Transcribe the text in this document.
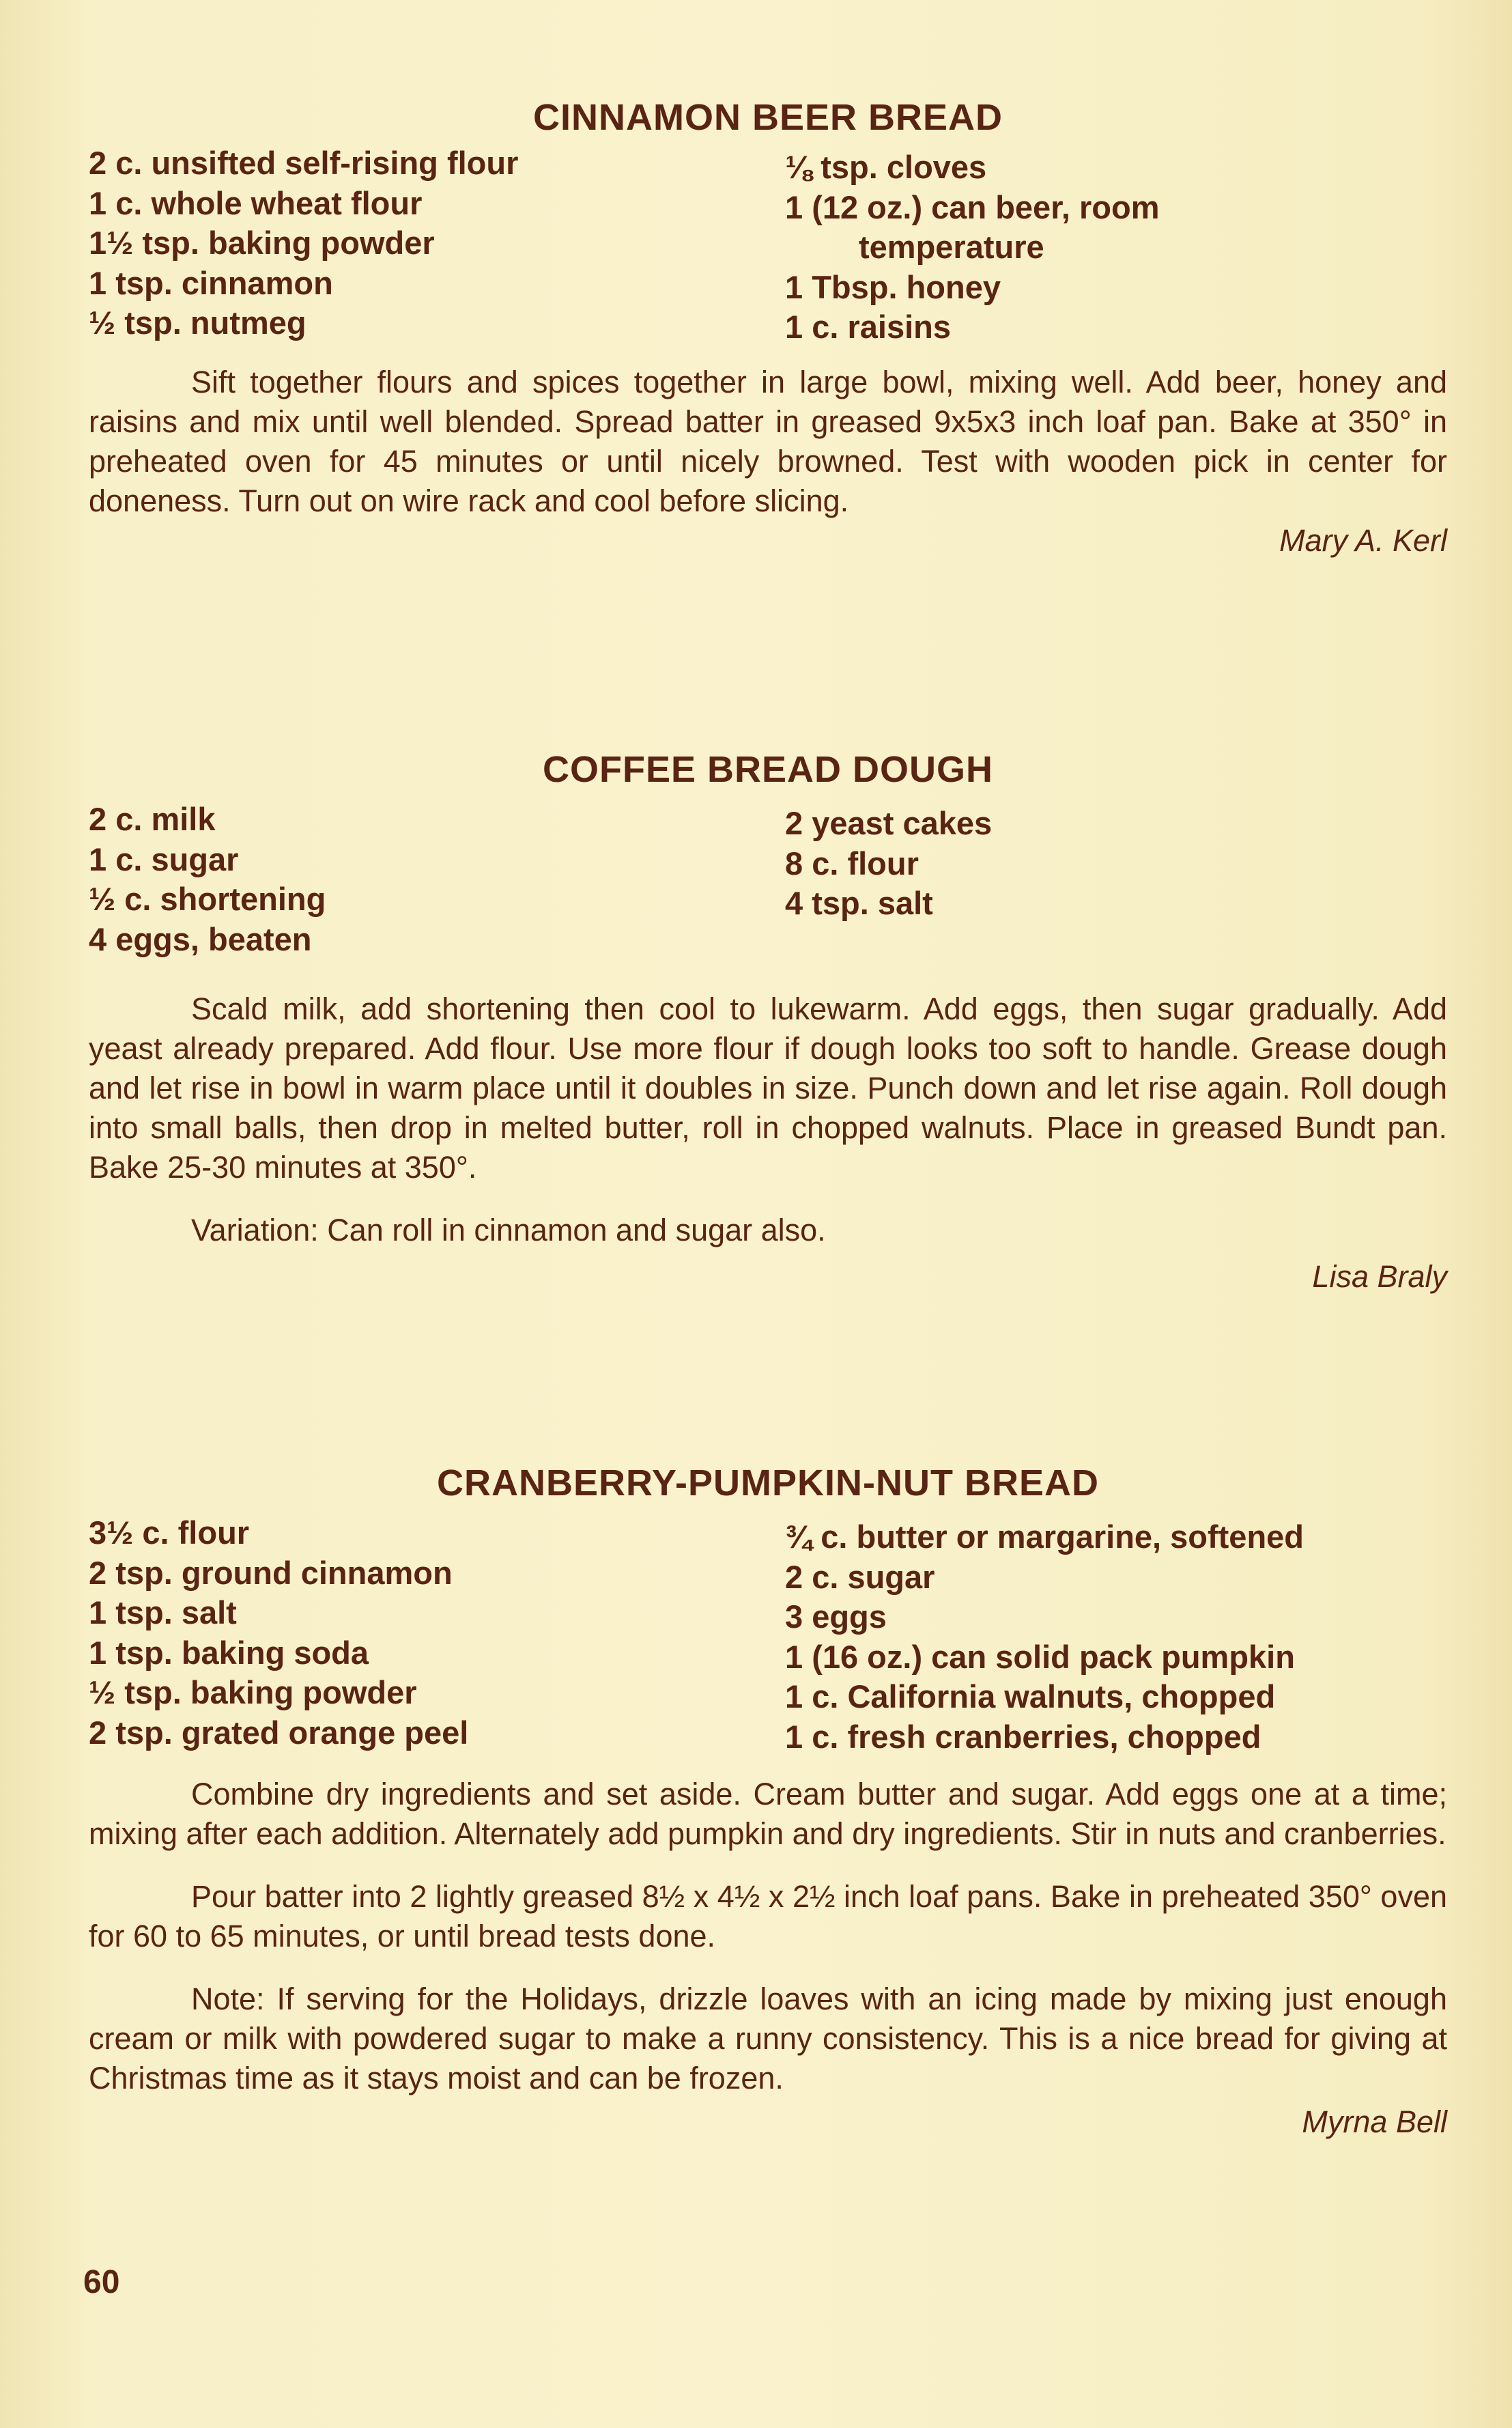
CINNAMON BEER BREAD
2 c. unsifted self-rising flour
1 c. whole wheat flour
1½ tsp. baking powder
1 tsp. cinnamon
½ tsp. nutmeg
⅛ tsp. cloves
1 (12 oz.) can beer, room
temperature
1 Tbsp. honey
1 c. raisins

Sift together flours and spices together in large bowl, mixing well. Add beer, honey and raisins and mix until well blended. Spread batter in greased 9x5x3 inch loaf pan. Bake at 350° in preheated oven for 45 minutes or until nicely browned. Test with wooden pick in center for doneness. Turn out on wire rack and cool before slicing.

Mary A. Kerl
COFFEE BREAD DOUGH
2 c. milk
1 c. sugar
½ c. shortening
4 eggs, beaten
2 yeast cakes
8 c. flour
4 tsp. salt

Scald milk, add shortening then cool to lukewarm. Add eggs, then sugar gradually. Add yeast already prepared. Add flour. Use more flour if dough looks too soft to handle. Grease dough and let rise in bowl in warm place until it doubles in size. Punch down and let rise again. Roll dough into small balls, then drop in melted butter, roll in chopped walnuts. Place in greased Bundt pan. Bake 25-30 minutes at 350°.

Variation: Can roll in cinnamon and sugar also.

Lisa Braly
CRANBERRY-PUMPKIN-NUT BREAD
3½ c. flour
2 tsp. ground cinnamon
1 tsp. salt
1 tsp. baking soda
½ tsp. baking powder
2 tsp. grated orange peel
¾ c. butter or margarine, softened
2 c. sugar
3 eggs
1 (16 oz.) can solid pack pumpkin
1 c. California walnuts, chopped
1 c. fresh cranberries, chopped

Combine dry ingredients and set aside. Cream butter and sugar. Add eggs one at a time; mixing after each addition. Alternately add pumpkin and dry ingredients. Stir in nuts and cranberries.

Pour batter into 2 lightly greased 8½ x 4½ x 2½ inch loaf pans. Bake in preheated 350° oven for 60 to 65 minutes, or until bread tests done.

Note: If serving for the Holidays, drizzle loaves with an icing made by mixing just enough cream or milk with powdered sugar to make a runny consistency. This is a nice bread for giving at Christmas time as it stays moist and can be frozen.

Myrna Bell
60
